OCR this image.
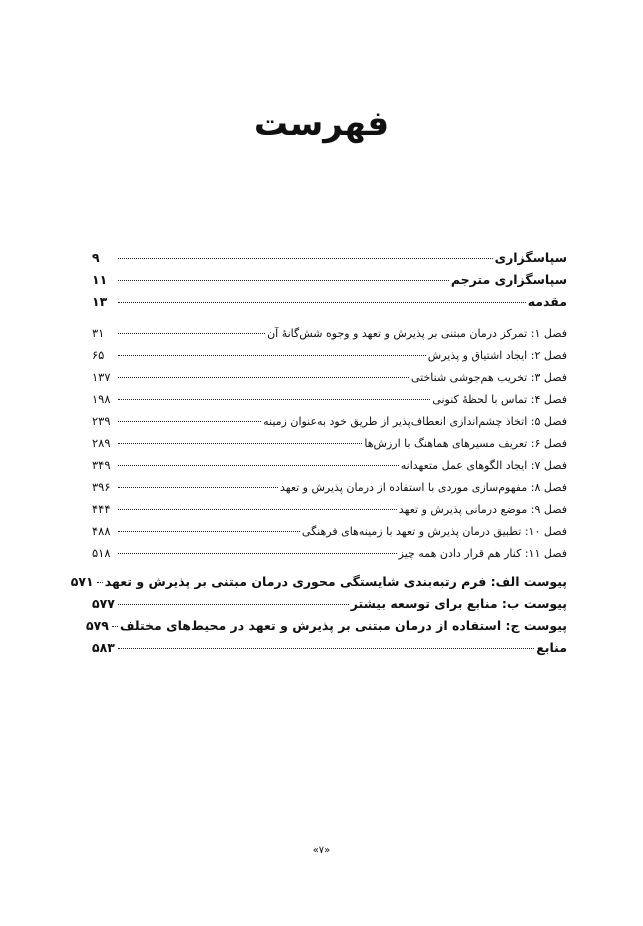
فهرست
سپاسگزاری
۹
سپاسگزاری مترجم
۱۱
مقدمه
۱۳
فصل ۱: تمرکز درمان مبتنی بر پذیرش و تعهد و وجوه شش‌گانهٔ آن
۳۱
فصل ۲: ایجاد اشتیاق و پذیرش
۶۵
فصل ۳: تخریب هم‌جوشی شناختی
۱۳۷
فصل ۴: تماس با لحظهٔ کنونی
۱۹۸
فصل ۵: اتخاذ چشم‌اندازی انعطاف‌پذیر از طریق خود به‌عنوان زمینه
۲۳۹
فصل ۶: تعریف مسیرهای هماهنگ با ارزش‌ها
۲۸۹
فصل ۷: ایجاد الگوهای عمل متعهدانه
۳۴۹
فصل ۸: مفهوم‌سازی موردی با استفاده از درمان پذیرش و تعهد
۳۹۶
فصل ۹: موضع درمانی پذیرش و تعهد
۴۴۴
فصل ۱۰: تطبیق درمان پذیرش و تعهد با زمینه‌های فرهنگی
۴۸۸
فصل ۱۱: کنار هم قرار دادن همه چیز
۵۱۸
پیوست الف: فرم رتبه‌بندی شایستگی محوری درمان مبتنی بر پذیرش و تعهد
۵۷۱
پیوست ب: منابع برای توسعه بیشتر
۵۷۷
پیوست ج: استفاده از درمان مبتنی بر پذیرش و تعهد در محیط‌های مختلف
۵۷۹
منابع
۵۸۳
«۷»
